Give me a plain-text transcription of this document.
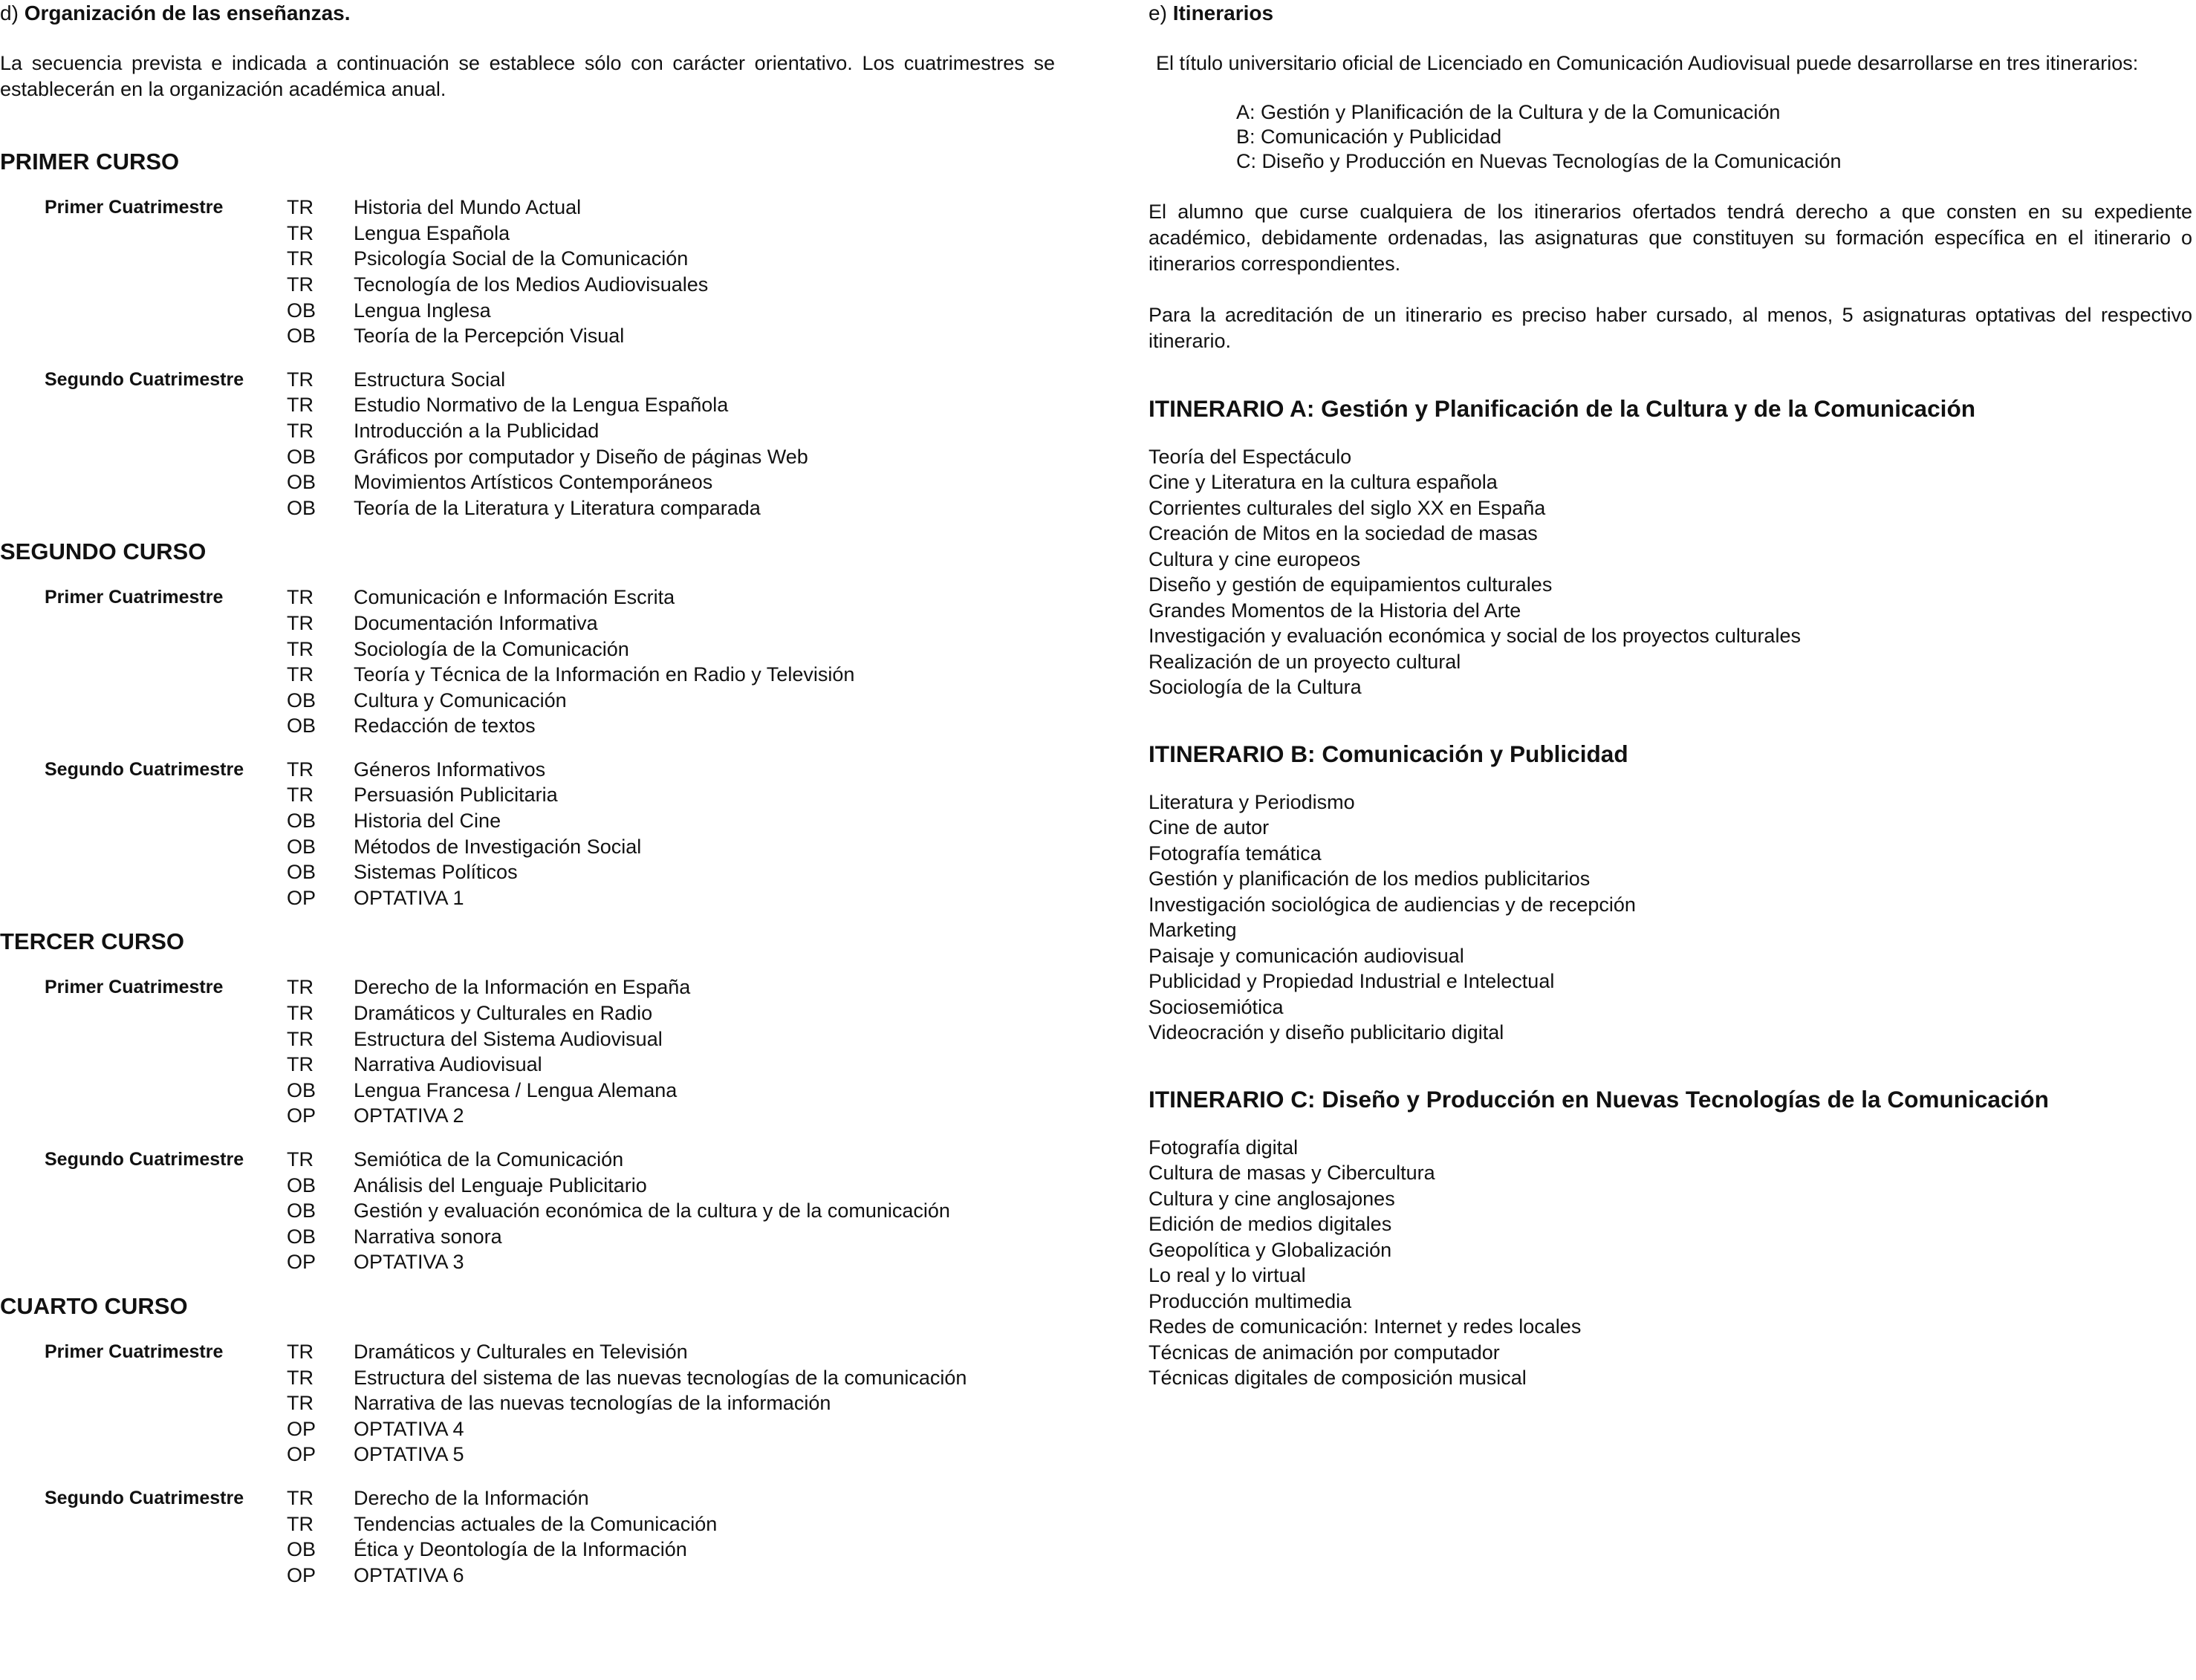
d) Organización de las enseñanzas.

La secuencia prevista e indicada a continuación se establece sólo con carácter orientativo. Los cuatrimestres se establecerán en la organización académica anual.

PRIMER CURSO
Primer Cuatrimestre	TR	Historia del Mundo Actual
TR	Lengua Española
TR	Psicología Social de la Comunicación
TR	Tecnología de los Medios Audiovisuales
OB	Lengua Inglesa
OB	Teoría de la Percepción Visual
Segundo Cuatrimestre	TR	Estructura Social
TR	Estudio Normativo de la Lengua Española
TR	Introducción a la Publicidad
OB	Gráficos por computador y Diseño de páginas Web
OB	Movimientos Artísticos Contemporáneos
OB	Teoría de la Literatura y Literatura comparada
SEGUNDO CURSO
Primer Cuatrimestre	TR	Comunicación e Información Escrita
TR	Documentación Informativa
TR	Sociología de la Comunicación
TR	Teoría y Técnica de la Información en Radio y Televisión
OB	Cultura y Comunicación
OB	Redacción de textos
Segundo Cuatrimestre	TR	Géneros Informativos
TR	Persuasión Publicitaria
OB	Historia del Cine
OB	Métodos de Investigación Social
OB	Sistemas Políticos
OP	OPTATIVA 1
TERCER CURSO
Primer Cuatrimestre	TR	Derecho de la Información en España
TR	Dramáticos y Culturales en Radio
TR	Estructura del Sistema Audiovisual
TR	Narrativa Audiovisual
OB	Lengua Francesa / Lengua Alemana
OP	OPTATIVA 2
Segundo Cuatrimestre	TR	Semiótica de la Comunicación
OB	Análisis del Lenguaje Publicitario
OB	Gestión y evaluación económica de la cultura y de la comunicación
OB	Narrativa sonora
OP	OPTATIVA 3
CUARTO CURSO
Primer Cuatrimestre	TR	Dramáticos y Culturales en Televisión
TR	Estructura del sistema de las nuevas tecnologías de la comunicación
TR	Narrativa de las nuevas tecnologías de la información
OP	OPTATIVA 4
OP	OPTATIVA 5
Segundo Cuatrimestre	TR	Derecho de la Información
TR	Tendencias actuales de la Comunicación
OB	Ética y Deontología de la Información
OP	OPTATIVA 6

e) Itinerarios

El título universitario oficial de Licenciado en Comunicación Audiovisual puede desarrollarse en tres itinerarios:

A: Gestión y Planificación de la Cultura y de la Comunicación
B: Comunicación y Publicidad
C: Diseño y Producción en Nuevas Tecnologías de la Comunicación

El alumno que curse cualquiera de los itinerarios ofertados tendrá derecho a que consten en su expediente académico, debidamente ordenadas, las asignaturas que constituyen su formación específica en el itinerario o itinerarios correspondientes.

Para la acreditación de un itinerario es preciso haber cursado, al menos, 5 asignaturas optativas del respectivo itinerario.

ITINERARIO A: Gestión y Planificación de la Cultura y de la Comunicación
Teoría del Espectáculo
Cine y Literatura en la cultura española
Corrientes culturales del siglo XX en España
Creación de Mitos en la sociedad de masas
Cultura y cine europeos
Diseño y gestión de equipamientos culturales
Grandes Momentos de la Historia del Arte
Investigación y evaluación económica y social de los proyectos culturales
Realización de un proyecto cultural
Sociología de la Cultura
ITINERARIO B: Comunicación y Publicidad
Literatura y Periodismo
Cine de autor
Fotografía temática
Gestión y planificación de los medios publicitarios
Investigación sociológica de audiencias y de recepción
Marketing
Paisaje y comunicación audiovisual
Publicidad y Propiedad Industrial e Intelectual
Sociosemiótica
Videocración y diseño publicitario digital
ITINERARIO C: Diseño y Producción en Nuevas Tecnologías de la Comunicación
Fotografía digital
Cultura de masas y Cibercultura
Cultura y cine anglosajones
Edición de medios digitales
Geopolítica y Globalización
Lo real y lo virtual
Producción multimedia
Redes de comunicación: Internet y redes locales
Técnicas de animación por computador
Técnicas digitales de composición musical
